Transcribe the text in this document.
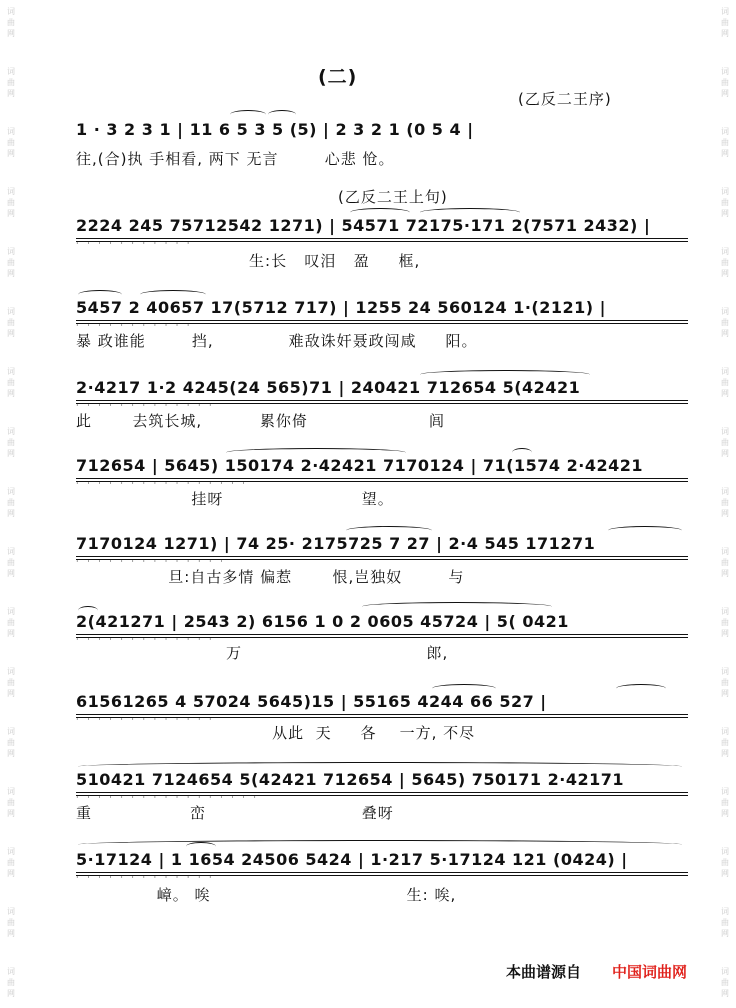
词
曲
网
词
曲
网
词
曲
网
词
曲
网
词
曲
网
词
曲
网
词
曲
网
词
曲
网
词
曲
网
词
曲
网
词
曲
网
词
曲
网
词
曲
网
词
曲
网
词
曲
网
词
曲
网
词
曲
网
词
曲
网
词
曲
网
词
曲
网
词
曲
网
词
曲
网
词
曲
网
词
曲
网
词
曲
网
词
曲
网
词
曲
网
词
曲
网
词
曲
网
词
曲
网
词
曲
网
词
曲
网
词
曲
网
词
曲
网
(二)
(乙反二王序)
(乙反二王上句)
1 · 3 2 3 1 | 11 6 5 3 5 (5) | 2 3 2 1 (0 5 4 |
往,(合)执 手相看, 两下 无言        心悲 怆。
2224 245 75712542 1271) | 54571 72175·171 2(7571 2432) |
· · · · · · · · · · ·
生:长   叹泪   盈     框,
5457 2 40657 17(5712 717) | 1255 24 560124 1·(2121) |
· · · · · · · · · · ·
暴 政谁能        挡,             难敌诛奸聂政闯咸     阳。
2·4217 1·2 4245(24 565)71 | 240421 712654 5(42421
· · · · · · · · · · · · ·
此       去筑长城,          累你倚                     闾
712654 | 5645) 150174 2·42421 7170124 | 71(1574 2·42421
· · · · · · · · · · · · · · · ·
挂呀                        望。
7170124 1271) | 74 25· 2175725 7 27 | 2·4 545 171271
· · · · · · · · · · · · · ·
旦:自古多情 偏惹       恨,岂独奴        与
2(421271 | 2543 2) 6156 1 0 2 0605 45724 | 5( 0421
· · · · · · · · · · · · ·
万                                郎,
61561265 4 57024 5645)15 | 55165 4244 66 527 |
· · · · · · · · · · · · ·
从此  天     各    一方, 不尽
510421 7124654 5(42421 712654 | 5645) 750171 2·42171
· · · · · · · · · · · · · · · · ·
重                 峦                           叠呀
5·17124 | 1 1654 24506 5424 | 1·217 5·17124 121 (0424) |
· · · · · · · · · · · · ·
嶂。 唉                                  生: 唉,
本曲谱源自 中国词曲网
